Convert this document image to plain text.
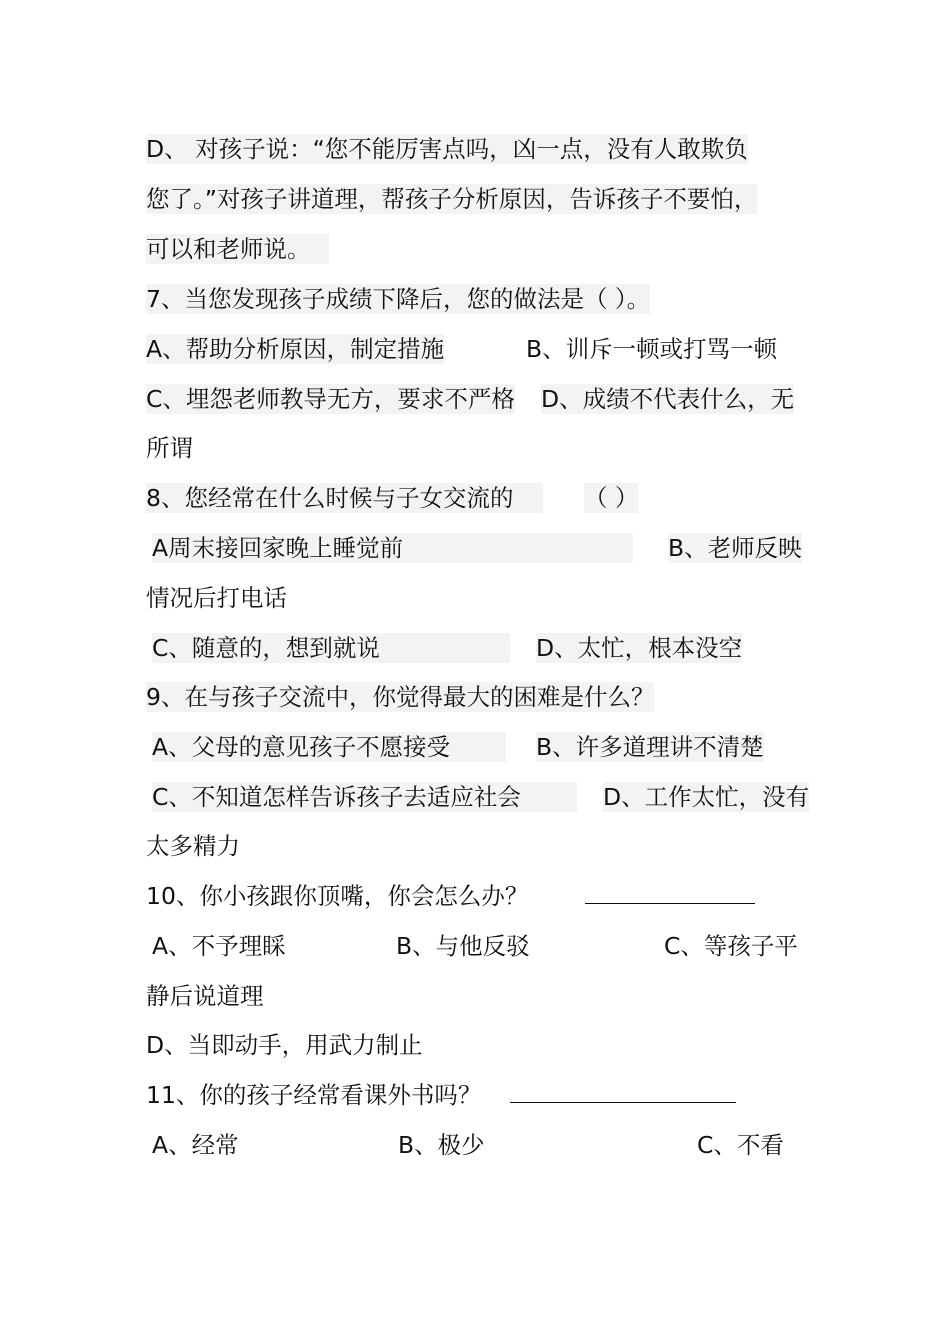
D、 对孩子说：“您不能厉害点吗，凶一点，没有人敢欺负
您了。”对孩子讲道理，帮孩子分析原因，告诉孩子不要怕，
可以和老师说。
7、当您发现孩子成绩下降后，您的做法是（ ）。
A、帮助分析原因，制定措施	B、训斥一顿或打骂一顿
C、埋怨老师教导无方，要求不严格 D、成绩不代表什么，无
所谓
8、您经常在什么时候与子女交流的	（ ）
A周末接回家晚上睡觉前	B、老师反映
情况后打电话
C、随意的，想到就说	D、太忙，根本没空
9、在与孩子交流中，你觉得最大的困难是什么？
A、父母的意见孩子不愿接受	B、许多道理讲不清楚
C、不知道怎样告诉孩子去适应社会	D、工作太忙，没有
太多精力
10、你小孩跟你顶嘴，你会怎么办？
A、不予理睬	B、与他反驳	C、等孩子平
静后说道理
D、当即动手，用武力制止
11、你的孩子经常看课外书吗？
A、经常	B、极少	C、不看
